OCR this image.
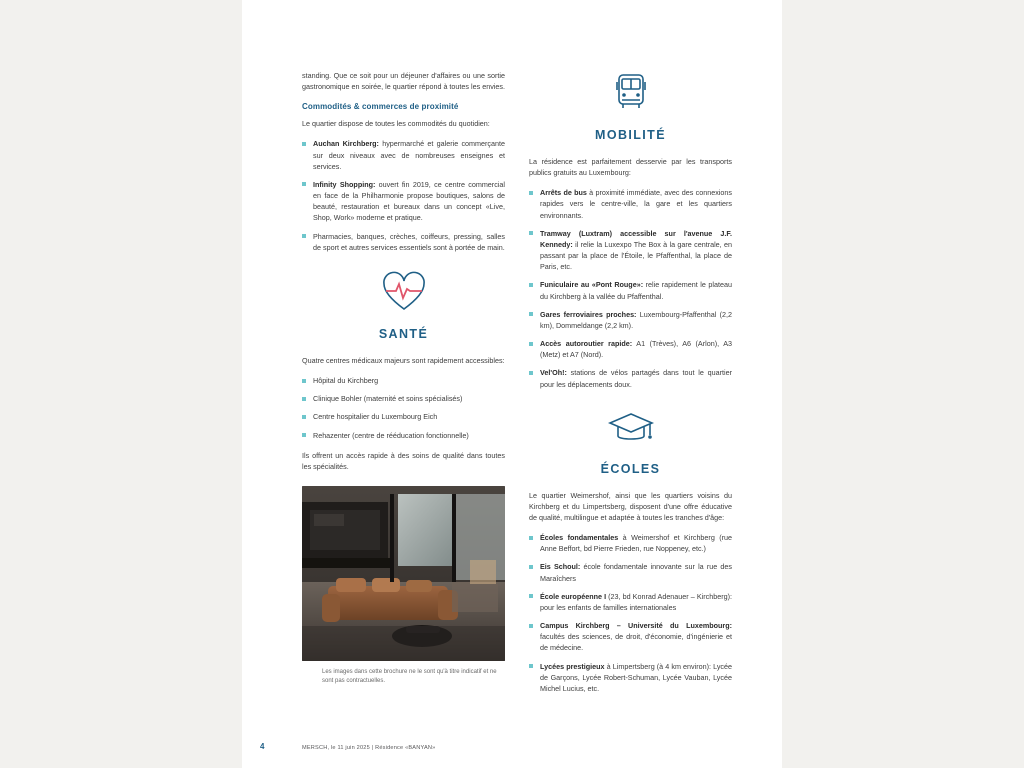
standing. Que ce soit pour un déjeuner d'affaires ou une sortie gastronomique en soirée, le quartier répond à toutes les envies.

Commodités & commerces de proximité

Le quartier dispose de toutes les commodités du quotidien:

Auchan Kirchberg: hypermarché et galerie commerçante sur deux niveaux avec de nombreuses enseignes et services.
Infinity Shopping: ouvert fin 2019, ce centre commercial en face de la Philharmonie propose boutiques, salons de beauté, restauration et bureaux dans un concept «Live, Shop, Work» moderne et pratique.
Pharmacies, banques, crèches, coiffeurs, pressing, salles de sport et autres services essentiels sont à portée de main.
SANTÉ

Quatre centres médicaux majeurs sont rapidement accessibles:

Hôpital du Kirchberg
Clinique Bohler (maternité et soins spécialisés)
Centre hospitalier du Luxembourg Eich
Rehazenter (centre de rééducation fonctionnelle)

Ils offrent un accès rapide à des soins de qualité dans toutes les spécialités.

Les images dans cette brochure ne le sont qu'à titre indicatif et ne sont pas contractuelles.

MOBILITÉ

La résidence est parfaitement desservie par les transports publics gratuits au Luxembourg:

Arrêts de bus à proximité immédiate, avec des connexions rapides vers le centre-ville, la gare et les quartiers environnants.
Tramway (Luxtram) accessible sur l'avenue J.F. Kennedy: il relie la Luxexpo The Box à la gare centrale, en passant par la place de l'Étoile, le Pfaffenthal, la place de Paris, etc.
Funiculaire au «Pont Rouge»: relie rapidement le plateau du Kirchberg à la vallée du Pfaffenthal.
Gares ferroviaires proches: Luxembourg-Pfaffenthal (2,2 km), Dommeldange (2,2 km).
Accès autoroutier rapide: A1 (Trèves), A6 (Arlon), A3 (Metz) et A7 (Nord).
Vel'Oh!: stations de vélos partagés dans tout le quartier pour les déplacements doux.
ÉCOLES

Le quartier Weimershof, ainsi que les quartiers voisins du Kirchberg et du Limpertsberg, disposent d'une offre éducative de qualité, multilingue et adaptée à toutes les tranches d'âge:

Écoles fondamentales à Weimershof et Kirchberg (rue Anne Beffort, bd Pierre Frieden, rue Noppeney, etc.)
Eis Schoul: école fondamentale innovante sur la rue des Maraîchers
École européenne I (23, bd Konrad Adenauer – Kirchberg): pour les enfants de familles internationales
Campus Kirchberg – Université du Luxembourg: facultés des sciences, de droit, d'économie, d'ingénierie et de médecine.
Lycées prestigieux à Limpertsberg (à 4 km environ): Lycée de Garçons, Lycée Robert-Schuman, Lycée Vauban, Lycée Michel Lucius, etc.
4	MERSCH, le 11 juin 2025 | Résidence «BANYAN»
